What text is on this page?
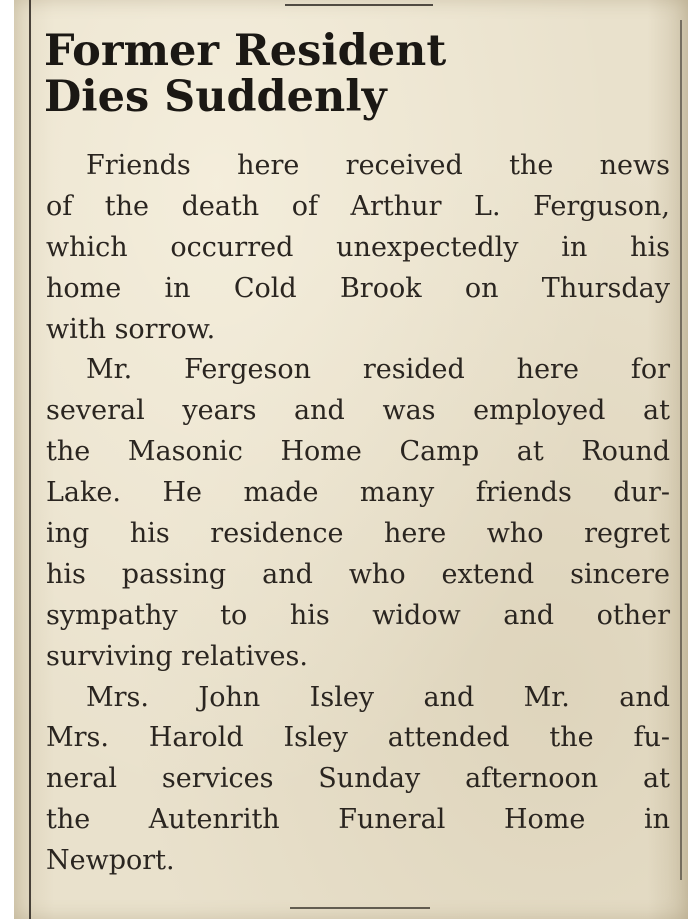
Former Resident
Dies Suddenly

Friends here received the news
of the death of Arthur L. Ferguson,
which occurred unexpectedly in his
home in Cold Brook on Thursday
with sorrow.

Mr. Fergeson resided here for
several years and was employed at
the Masonic Home Camp at Round
Lake. He made many friends dur-
ing his residence here who regret
his passing and who extend sincere
sympathy to his widow and other
surviving relatives.

Mrs. John Isley and Mr. and
Mrs. Harold Isley attended the fu-
neral services Sunday afternoon at
the Autenrith Funeral Home in
Newport.
